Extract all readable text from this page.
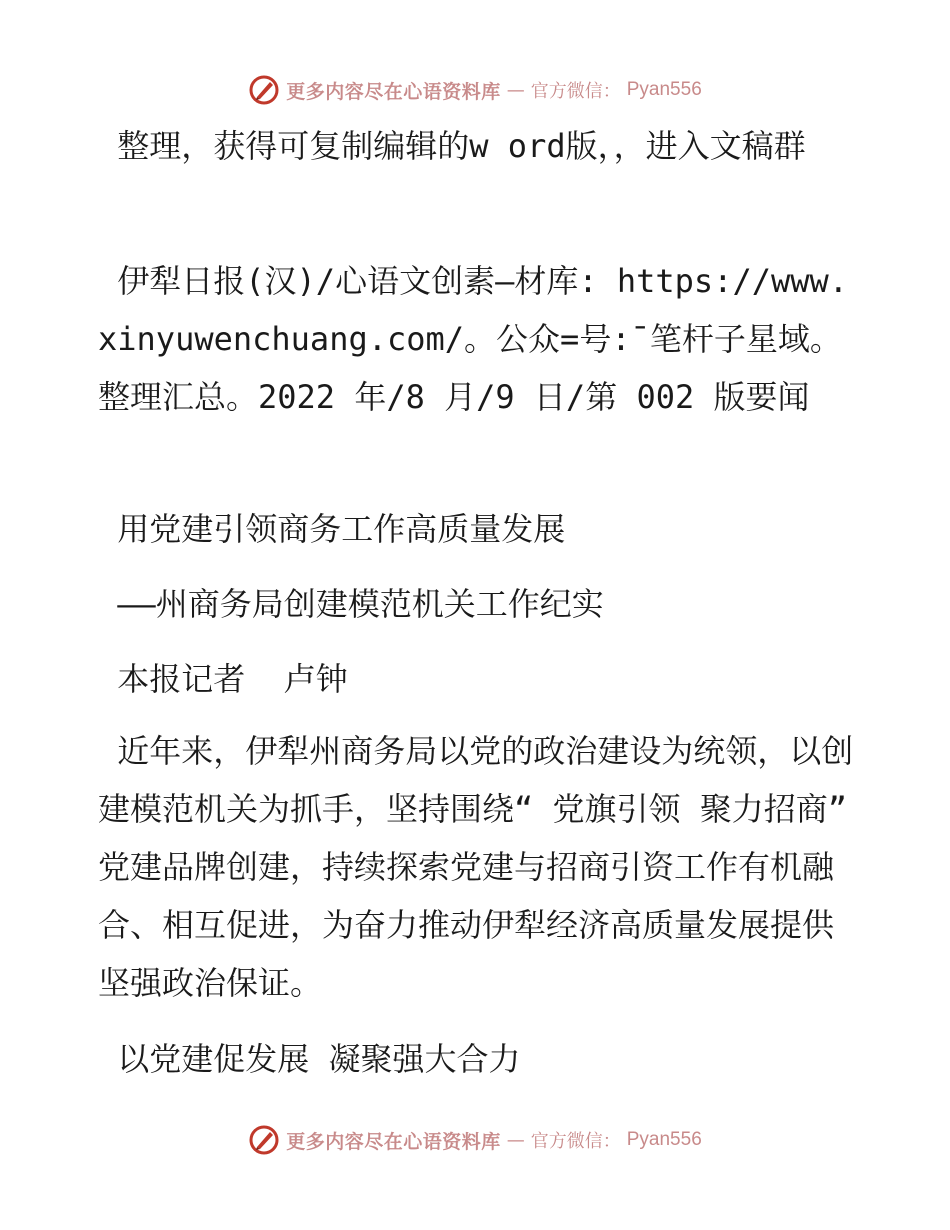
更多内容尽在心语资料库 — 官方微信： Pyan556

整理，获得可复制编辑的w ord版，，进入文稿群

伊犁日报(汉)/心语文创素—材库: https://www.xinyuwenchuang.com/。公众=号:¯笔杆子星域。整理汇总。2022 年/8 月/9 日/第 002 版要闻

用党建引领商务工作高质量发展

——州商务局创建模范机关工作纪实

本报记者  卢钟

近年来，伊犁州商务局以党的政治建设为统领，以创建模范机关为抓手，坚持围绕“ 党旗引领 聚力招商”  党建品牌创建，持续探索党建与招商引资工作有机融合、相互促进，为奋力推动伊犁经济高质量发展提供坚强政治保证。

以党建促发展 凝聚强大合力

更多内容尽在心语资料库 — 官方微信： Pyan556
